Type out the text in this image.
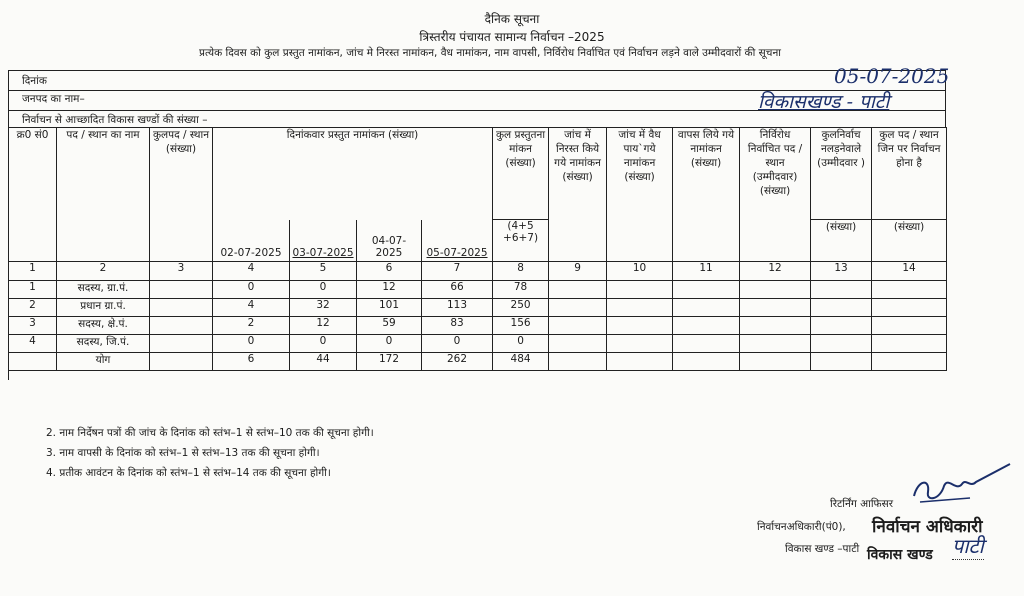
दैनिक सूचना
त्रिस्तरीय पंचायत सामान्य निर्वाचन –2025
प्रत्येक दिवस को कुल प्रस्तुत नामांकन, जांच मे निरस्त नामांकन, वैध नामांकन, नाम वापसी, निर्विरोध निर्वाचित एवं निर्वाचन लड़ने वाले उम्मीदवारों की सूचना
दिनांक	05-07-2025
जनपद का नाम–	विकासखण्ड - पाटी
निर्वाचन से आच्छादित विकास खण्डों की संख्या –
क्र0 सं0	पद / स्थान का नाम	कुलपद / स्थान (संख्या)	दिनांकवार प्रस्तुत नामांकन (संख्या)				कुल प्रस्तुतना मांकन (संख्या)	जांच में निरस्त किये गये नामांकन (संख्या)	जांच में वैध पाय`गये नामांकन (संख्या)	वापस लिये गये नामांकन (संख्या)	निर्विरोध निर्वाचित पद / स्थान (उम्मीदवार) (संख्या)	कुलनिर्वाच नलड़नेवाले (उम्मीदवार )	कुल पद / स्थान जिन पर निर्वाचन होना है
			02-07-2025	03-07-2025	04-07-2025	05-07-2025	(4+5 +6+7)					(संख्या)	(संख्या)
1	2	3	4	5	6	7	8	9	10	11	12	13	14
1	सदस्य, ग्रा.पं.		0	0	12	66	78						
2	प्रधान ग्रा.पं.		4	32	101	113	250						
3	सदस्य, क्षे.पं.		2	12	59	83	156						
4	सदस्य, जि.पं.		0	0	0	0	0						
	योग		6	44	172	262	484						
2. नाम निर्देषन पत्रों की जांच के दिनांक को स्तंभ–1 से स्तंभ–10 तक की सूचना होगी।
3. नाम वापसी के दिनांक को स्तंभ–1 से स्तंभ–13 तक की सूचना होगी।
4. प्रतीक आवंटन के दिनांक को स्तंभ–1 से स्तंभ–14 तक की सूचना होगी।
रिटर्निंग आफिसर
निर्वाचनअधिकारी(पं0),
विकास खण्ड –पाटी
निर्वाचन अधिकारी
विकास खण्ड पाटी
